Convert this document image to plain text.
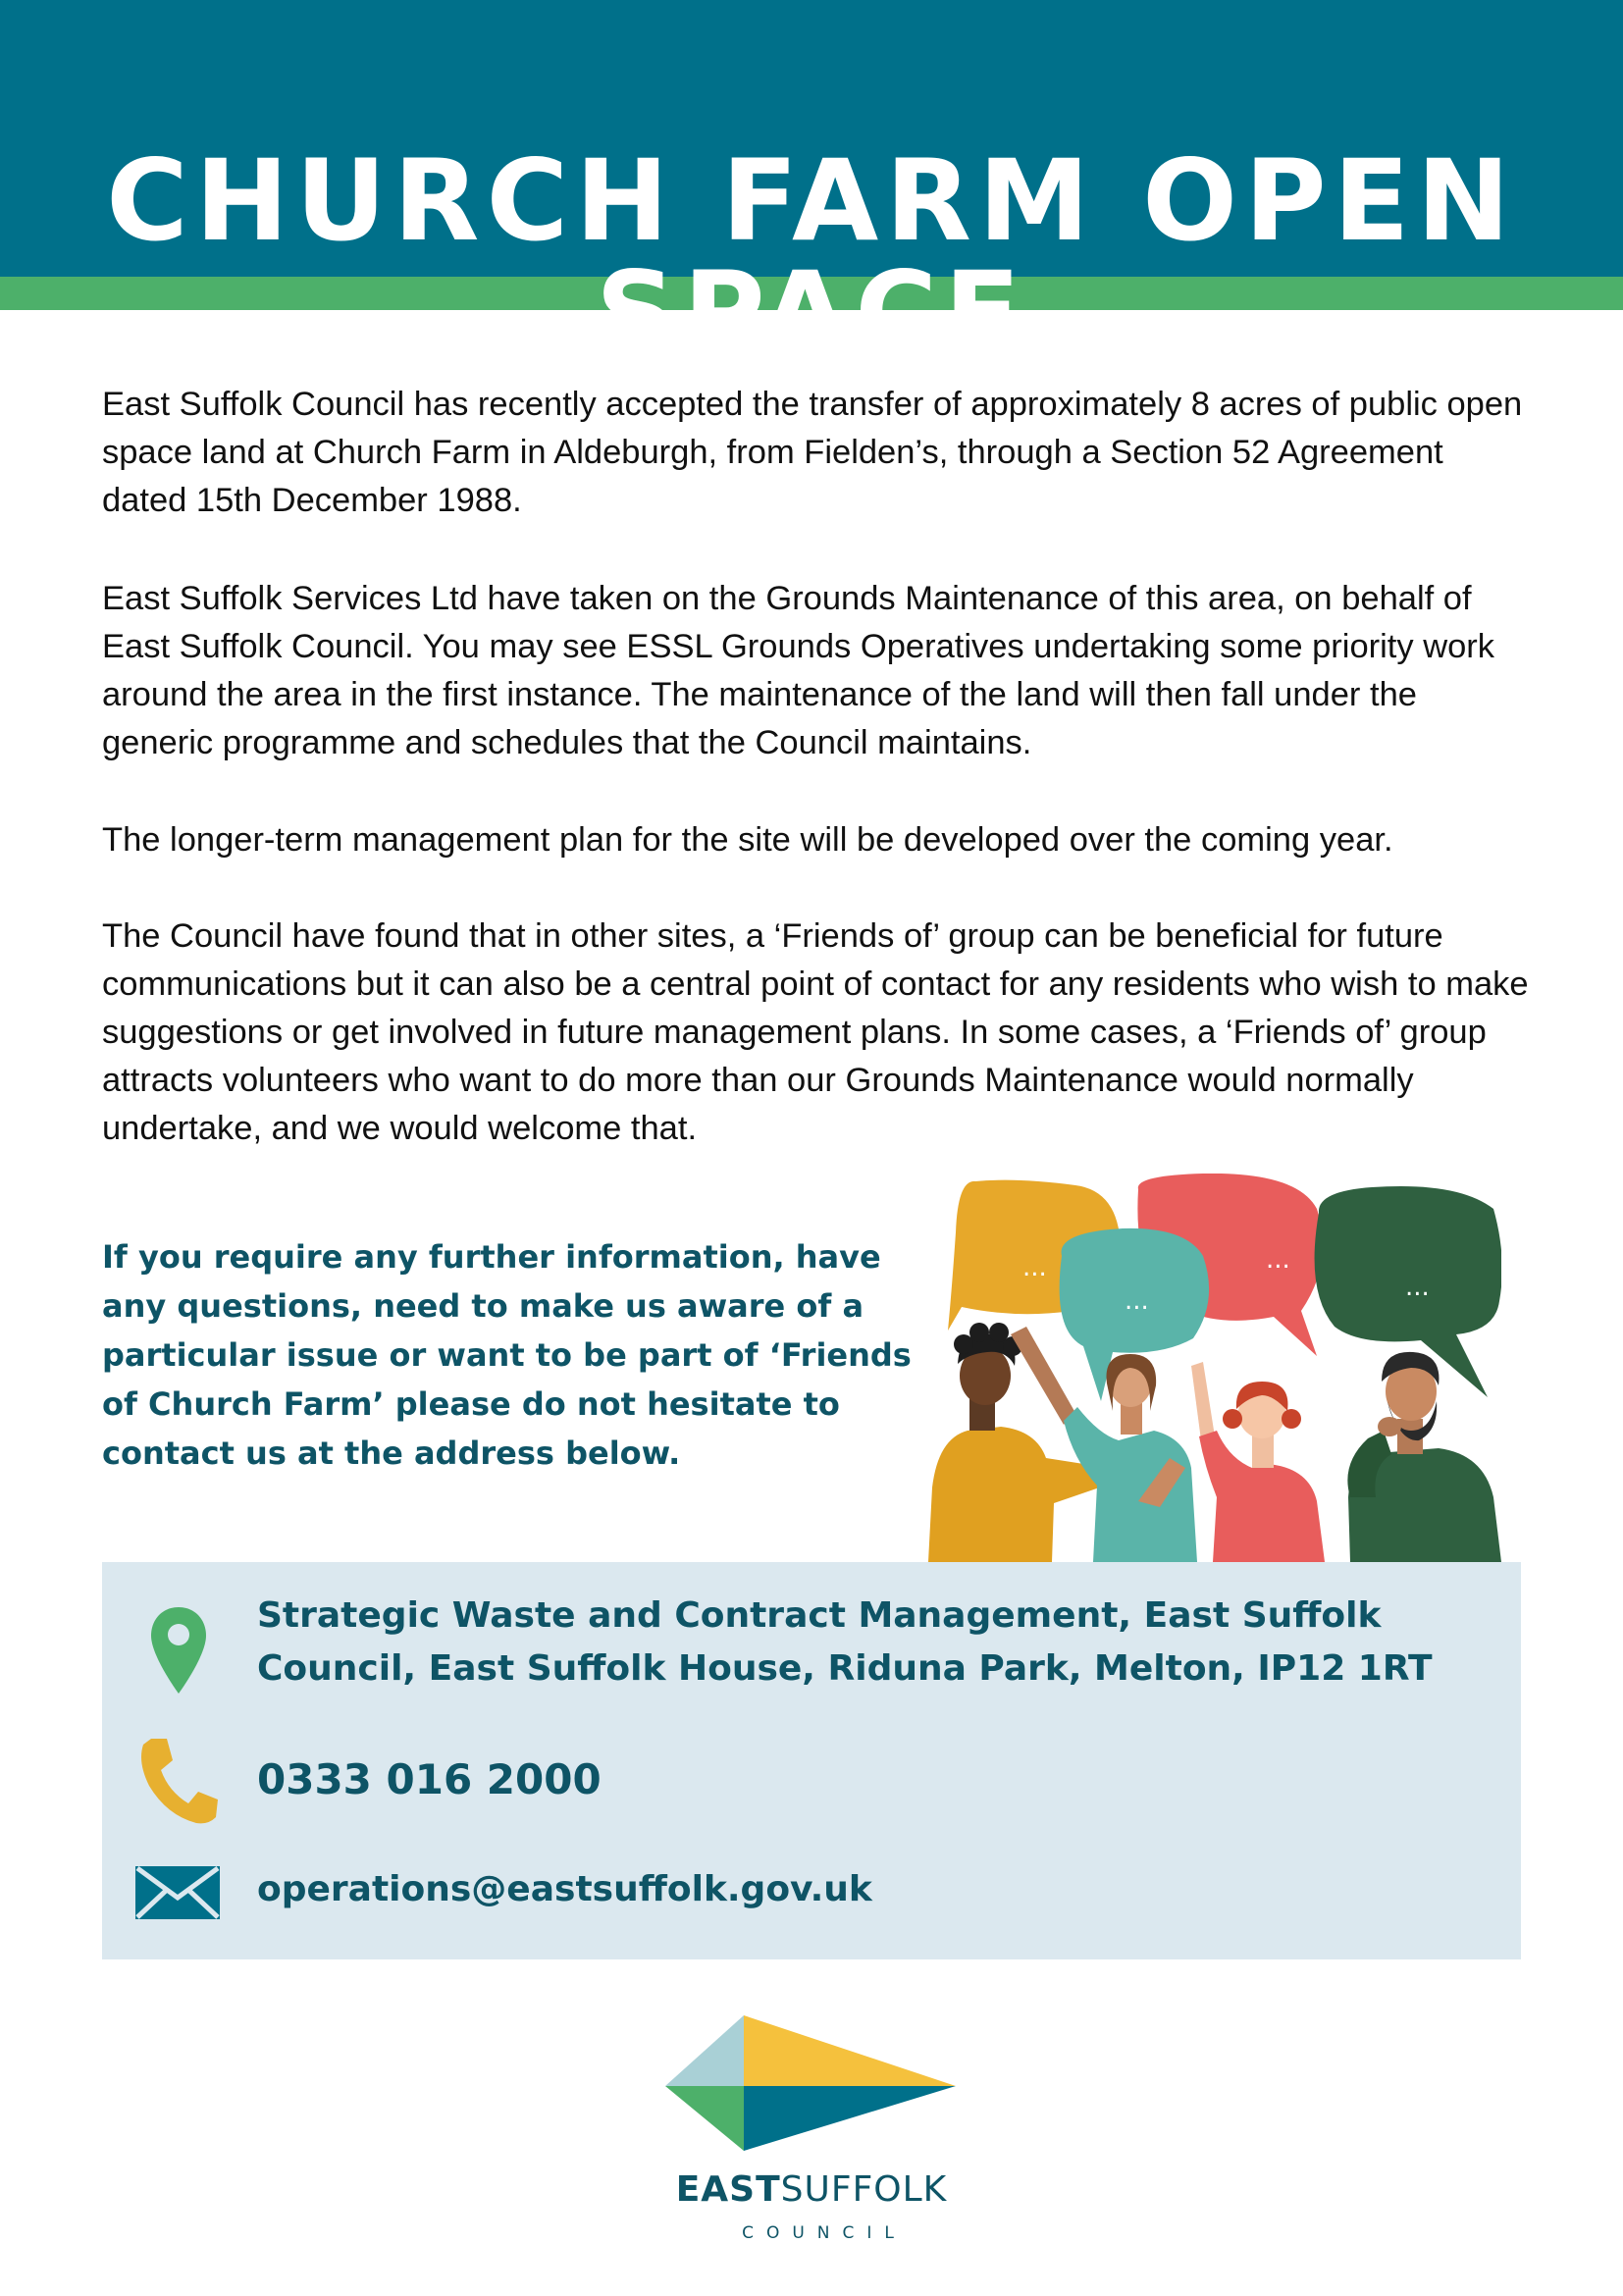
CHURCH FARM OPEN SPACE

East Suffolk Council has recently accepted the transfer of approximately 8 acres of public open space land at Church Farm in Aldeburgh, from Fielden’s, through a Section 52 Agreement dated 15th December 1988.

East Suffolk Services Ltd have taken on the Grounds Maintenance of this area, on behalf of East Suffolk Council. You may see ESSL Grounds Operatives undertaking some priority work around the area in the first instance. The maintenance of the land will then fall under the generic programme and schedules that the Council maintains.

The longer-term management plan for the site will be developed over the coming year.

The Council have found that in other sites, a ‘Friends of’ group can be beneficial for future communications but it can also be a central point of contact for any residents who wish to make suggestions or get involved in future management plans. In some cases, a ‘Friends of’ group attracts volunteers who want to do more than our Grounds Maintenance would normally undertake, and we would welcome that.

If you require any further information, have any questions, need to make us aware of a particular issue or want to be part of ‘Friends of Church Farm’ please do not hesitate to contact us at the address below.

...	...
...
...

Strategic Waste and Contract Management, East Suffolk Council, East Suffolk House, Riduna Park, Melton, IP12 1RT

0333 016 2000

operations@eastsuffolk.gov.uk

EASTSUFFOLK
COUNCIL
